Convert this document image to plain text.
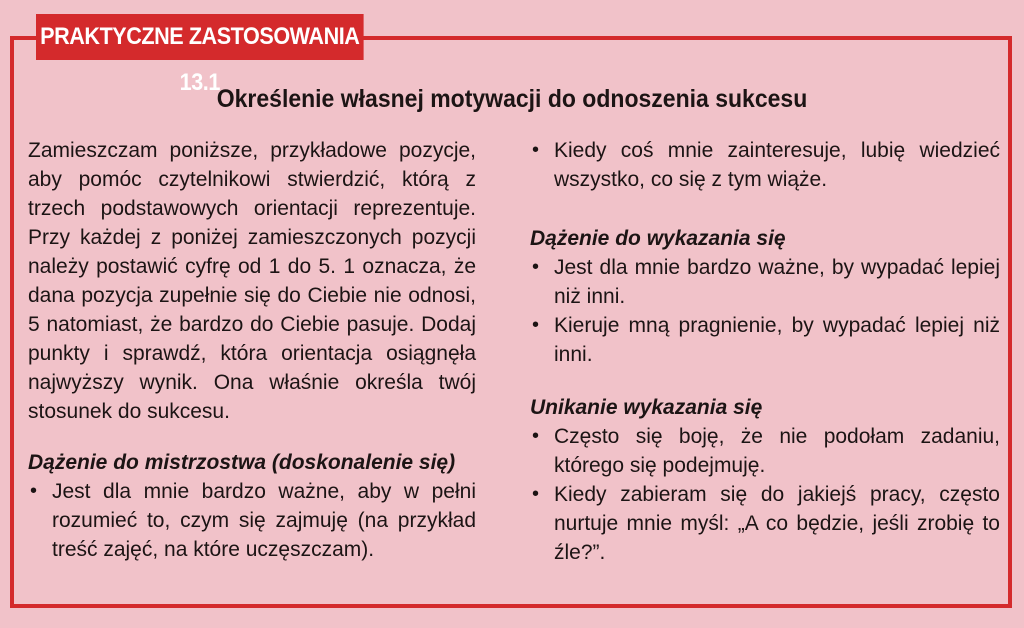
PRAKTYCZNE ZASTOSOWANIA 13.1
Określenie własnej motywacji do odnoszenia sukcesu

Zamieszczam poniższe, przykładowe pozycje, aby pomóc czytelnikowi stwierdzić, którą z trzech podstawowych orientacji reprezentuje. Przy każdej z poniżej zamieszczonych pozycji należy postawić cyfrę od 1 do 5. 1 oznacza, że dana pozycja zupełnie się do Ciebie nie odnosi, 5 natomiast, że bardzo do Ciebie pasuje. Dodaj punkty i sprawdź, która orientacja osiągnęła najwyższy wynik. Ona właśnie określa twój stosunek do sukcesu.

Dążenie do mistrzostwa (doskonalenie się)

• Jest dla mnie bardzo ważne, aby w pełni rozumieć to, czym się zajmuję (na przykład treść zajęć, na które uczęszczam).
• Kiedy coś mnie zainteresuje, lubię wiedzieć wszystko, co się z tym wiąże.

Dążenie do wykazania się

• Jest dla mnie bardzo ważne, by wypadać lepiej niż inni.
• Kieruje mną pragnienie, by wypadać lepiej niż inni.

Unikanie wykazania się

• Często się boję, że nie podołam zadaniu, którego się podejmuję.
• Kiedy zabieram się do jakiejś pracy, często nurtuje mnie myśl: „A co będzie, jeśli zrobię to źle?”.
